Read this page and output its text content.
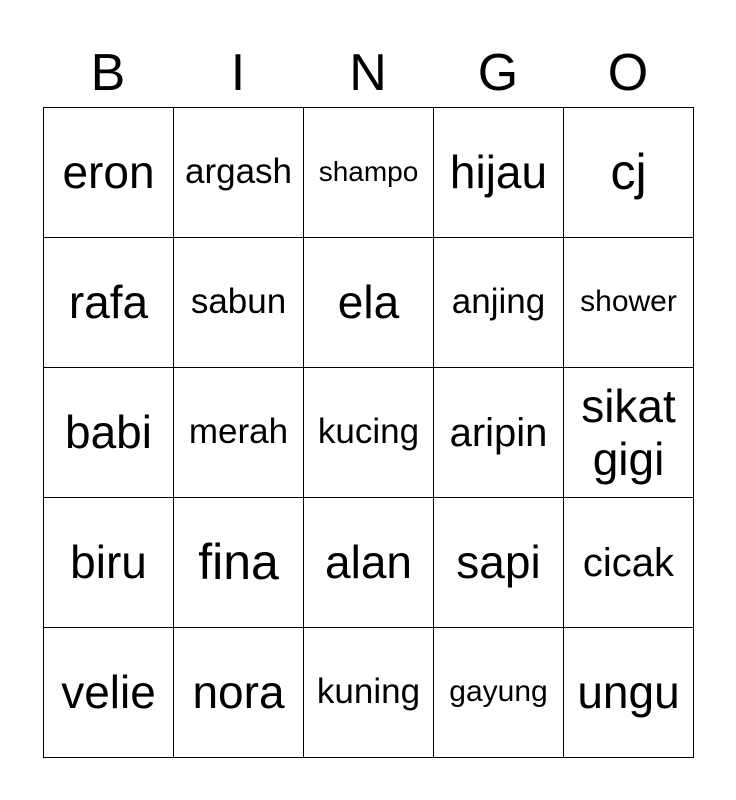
B	I	N	G	O
eron	argash	shampo	hijau	cj
rafa	sabun	ela	anjing	shower
babi	merah	kucing	aripin	sikat gigi
biru	fina	alan	sapi	cicak
velie	nora	kuning	gayung	ungu
